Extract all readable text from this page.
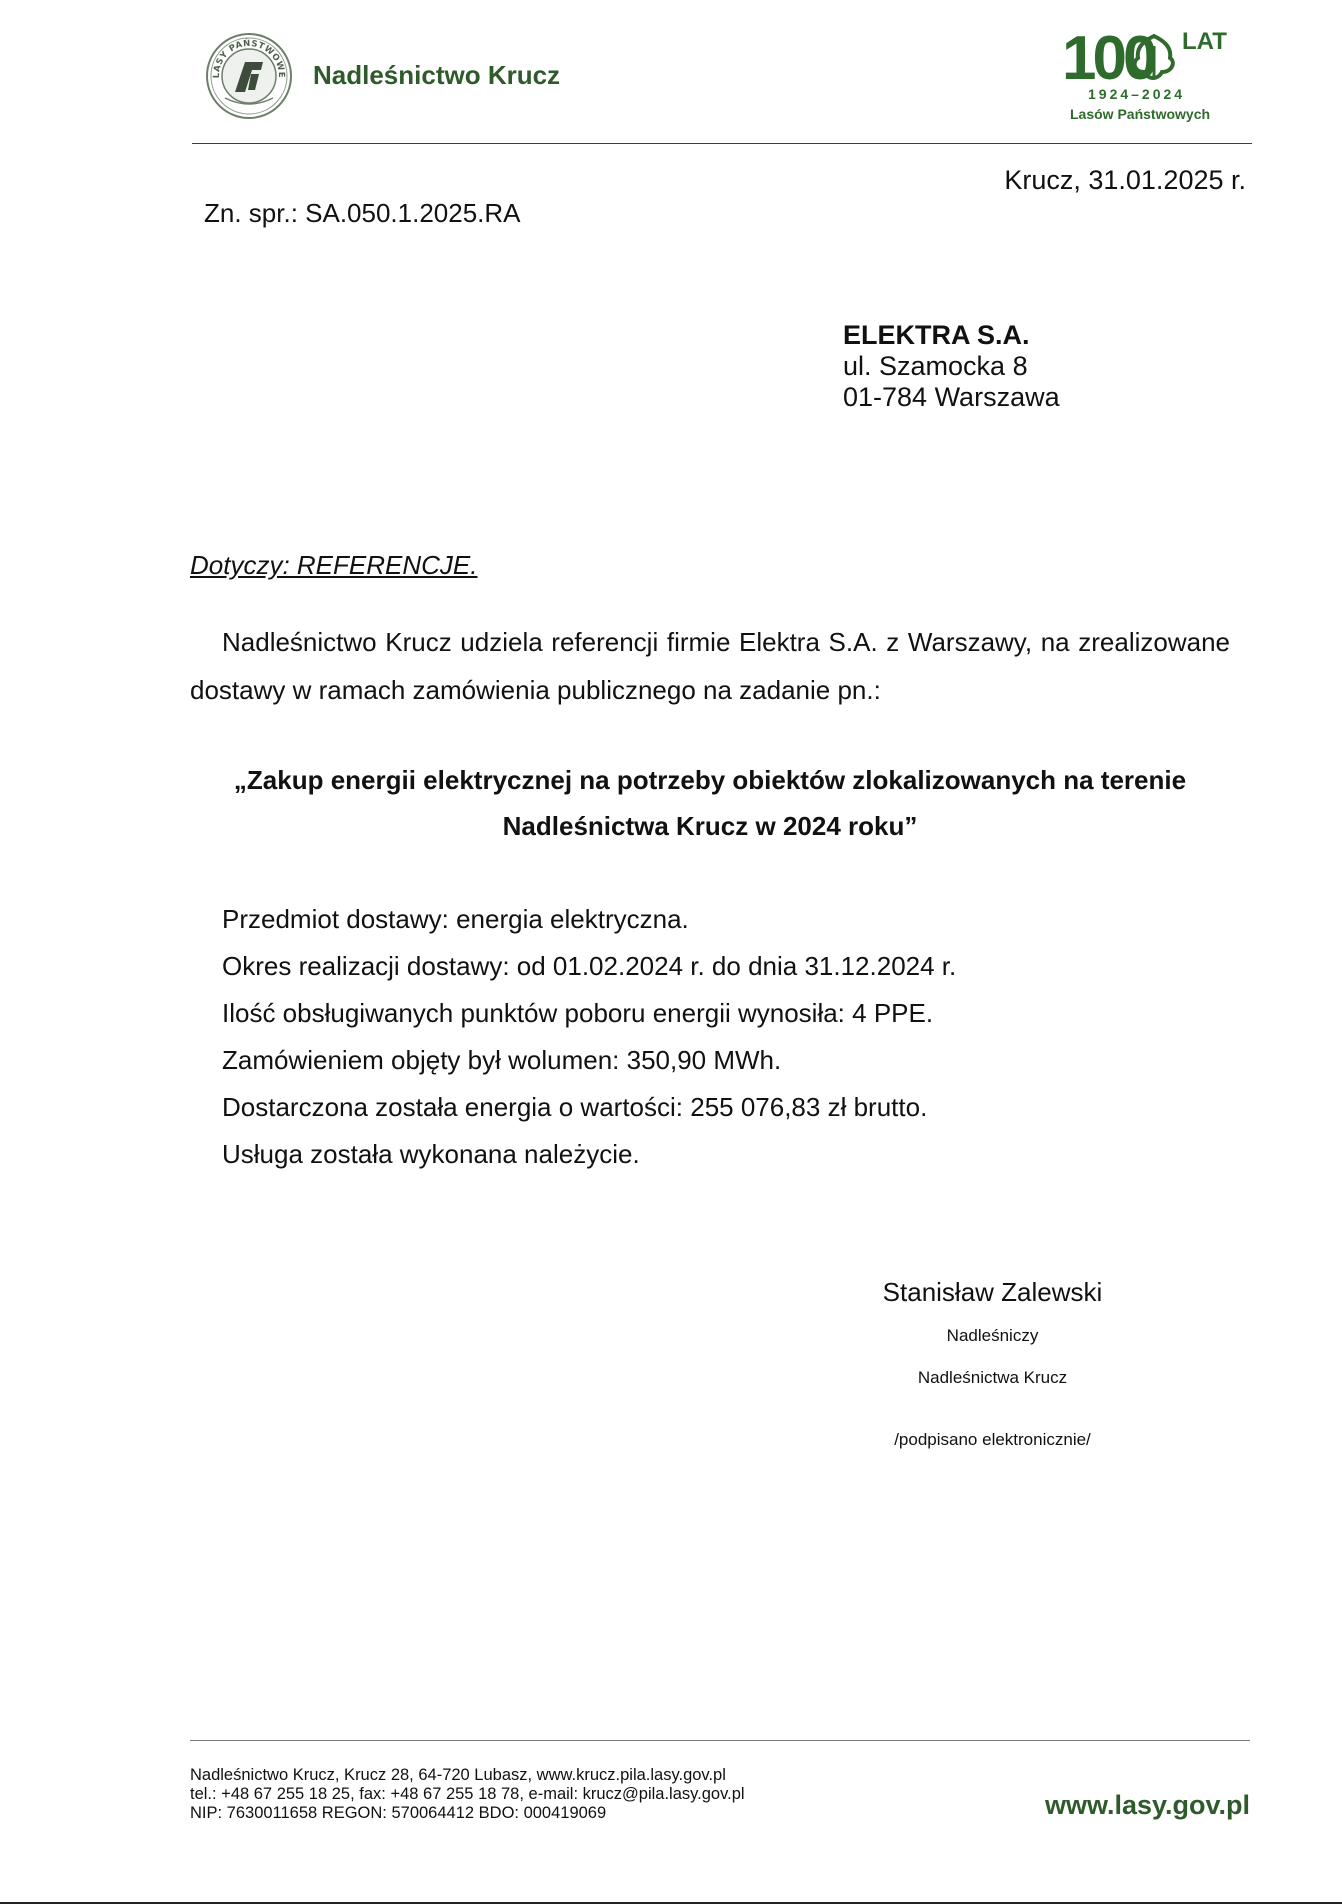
LASY PAŃSTWOWE Nadleśnictwo Krucz	100 LAT
1924–2024
Lasów Państwowych
Krucz, 31.01.2025 r.
Zn. spr.: SA.050.1.2025.RA
ELEKTRA S.A.
ul. Szamocka 8
01-784 Warszawa
Dotyczy: REFERENCJE.
Nadleśnictwo Krucz udziela referencji firmie Elektra S.A. z Warszawy, na zrealizowane dostawy w ramach zamówienia publicznego na zadanie pn.:
„Zakup energii elektrycznej na potrzeby obiektów zlokalizowanych na terenie
Nadleśnictwa Krucz w 2024 roku”
Przedmiot dostawy: energia elektryczna.
Okres realizacji dostawy: od 01.02.2024 r. do dnia 31.12.2024 r.
Ilość obsługiwanych punktów poboru energii wynosiła: 4 PPE.
Zamówieniem objęty był wolumen: 350,90 MWh.
Dostarczona została energia o wartości: 255 076,83 zł brutto.
Usługa została wykonana należycie.
Stanisław Zalewski
Nadleśniczy
Nadleśnictwa Krucz
/podpisano elektronicznie/
Nadleśnictwo Krucz, Krucz 28, 64-720 Lubasz, www.krucz.pila.lasy.gov.pl
tel.: +48 67 255 18 25, fax: +48 67 255 18 78, e-mail: krucz@pila.lasy.gov.pl
NIP: 7630011658 REGON: 570064412 BDO: 000419069	www.lasy.gov.pl
